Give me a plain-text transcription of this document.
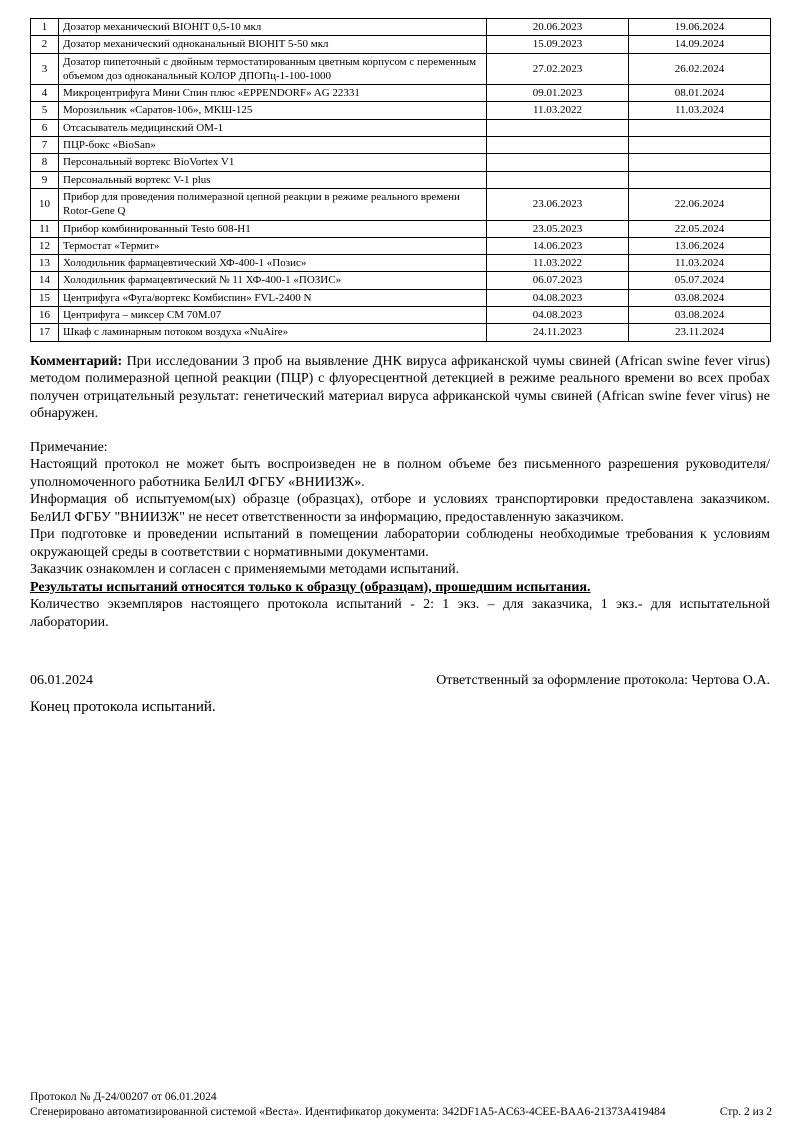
1	Дозатор механический BIOHIT 0,5-10 мкл	20.06.2023	19.06.2024
2	Дозатор механический одноканальный BIOHIT 5-50 мкл	15.09.2023	14.09.2024
3	Дозатор пипеточный с двойным термостатированным цветным корпусом с переменным объемом доз одноканальный КОЛОР ДПОПц-1-100-1000	27.02.2023	26.02.2024
4	Микроцентрифуга Мини Спин плюс «EPPENDORF» AG 22331	09.01.2023	08.01.2024
5	Морозильник «Саратов-106», МКШ-125	11.03.2022	11.03.2024
6	Отсасыватель медицинский ОМ-1		
7	ПЦР-бокс «BioSan»		
8	Персональный вортекс BioVortex V1		
9	Персональный вортекс V-1 plus		
10	Прибор для проведения полимеразной цепной реакции в режиме реального времени Rotor-Gene Q	23.06.2023	22.06.2024
11	Прибор комбинированный Testo 608-H1	23.05.2023	22.05.2024
12	Термостат «Термит»	14.06.2023	13.06.2024
13	Холодильник фармацевтический ХФ-400-1 «Позис»	11.03.2022	11.03.2024
14	Холодильник фармацевтический № 11 ХФ-400-1 «ПОЗИС»	06.07.2023	05.07.2024
15	Центрифуга «Фуга/вортекс Комбиспин» FVL-2400 N	04.08.2023	03.08.2024
16	Центрифуга – миксер СМ 70М.07	04.08.2023	03.08.2024
17	Шкаф с ламинарным потоком воздуха «NuAire»	24.11.2023	23.11.2024

Комментарий: При исследовании 3 проб на выявление ДНК вируса африканской чумы свиней (African swine fever virus) методом полимеразной цепной реакции (ПЦР) с флуоресцентной детекцией в режиме реального времени во всех пробах получен отрицательный результат: генетический материал вируса африканской чумы свиней (African swine fever virus) не обнаружен.

Примечание:

Настоящий протокол не может быть воспроизведен не в полном объеме без письменного разрешения руководителя/уполномоченного работника БелИЛ ФГБУ «ВНИИЗЖ».

Информация об испытуемом(ых) образце (образцах), отборе и условиях транспортировки предоставлена заказчиком. БелИЛ ФГБУ "ВНИИЗЖ" не несет ответственности за информацию, предоставленную заказчиком.

При подготовке и проведении испытаний в помещении лаборатории соблюдены необходимые требования к условиям окружающей среды в соответствии с нормативными документами.

Заказчик ознакомлен и согласен с применяемыми методами испытаний.

Результаты испытаний относятся только к образцу (образцам), прошедшим испытания.

Количество экземпляров настоящего протокола испытаний - 2: 1 экз. – для заказчика, 1 экз.- для испытательной лаборатории.

06.01.2024	Ответственный за оформление протокола: Чертова О.А.

Конец протокола испытаний.

Протокол № Д-24/00207 от 06.01.2024
Сгенерировано автоматизированной системой «Веста». Идентификатор документа: 342DF1A5-AC63-4CEE-BAA6-21373A419484	Стр. 2 из 2
